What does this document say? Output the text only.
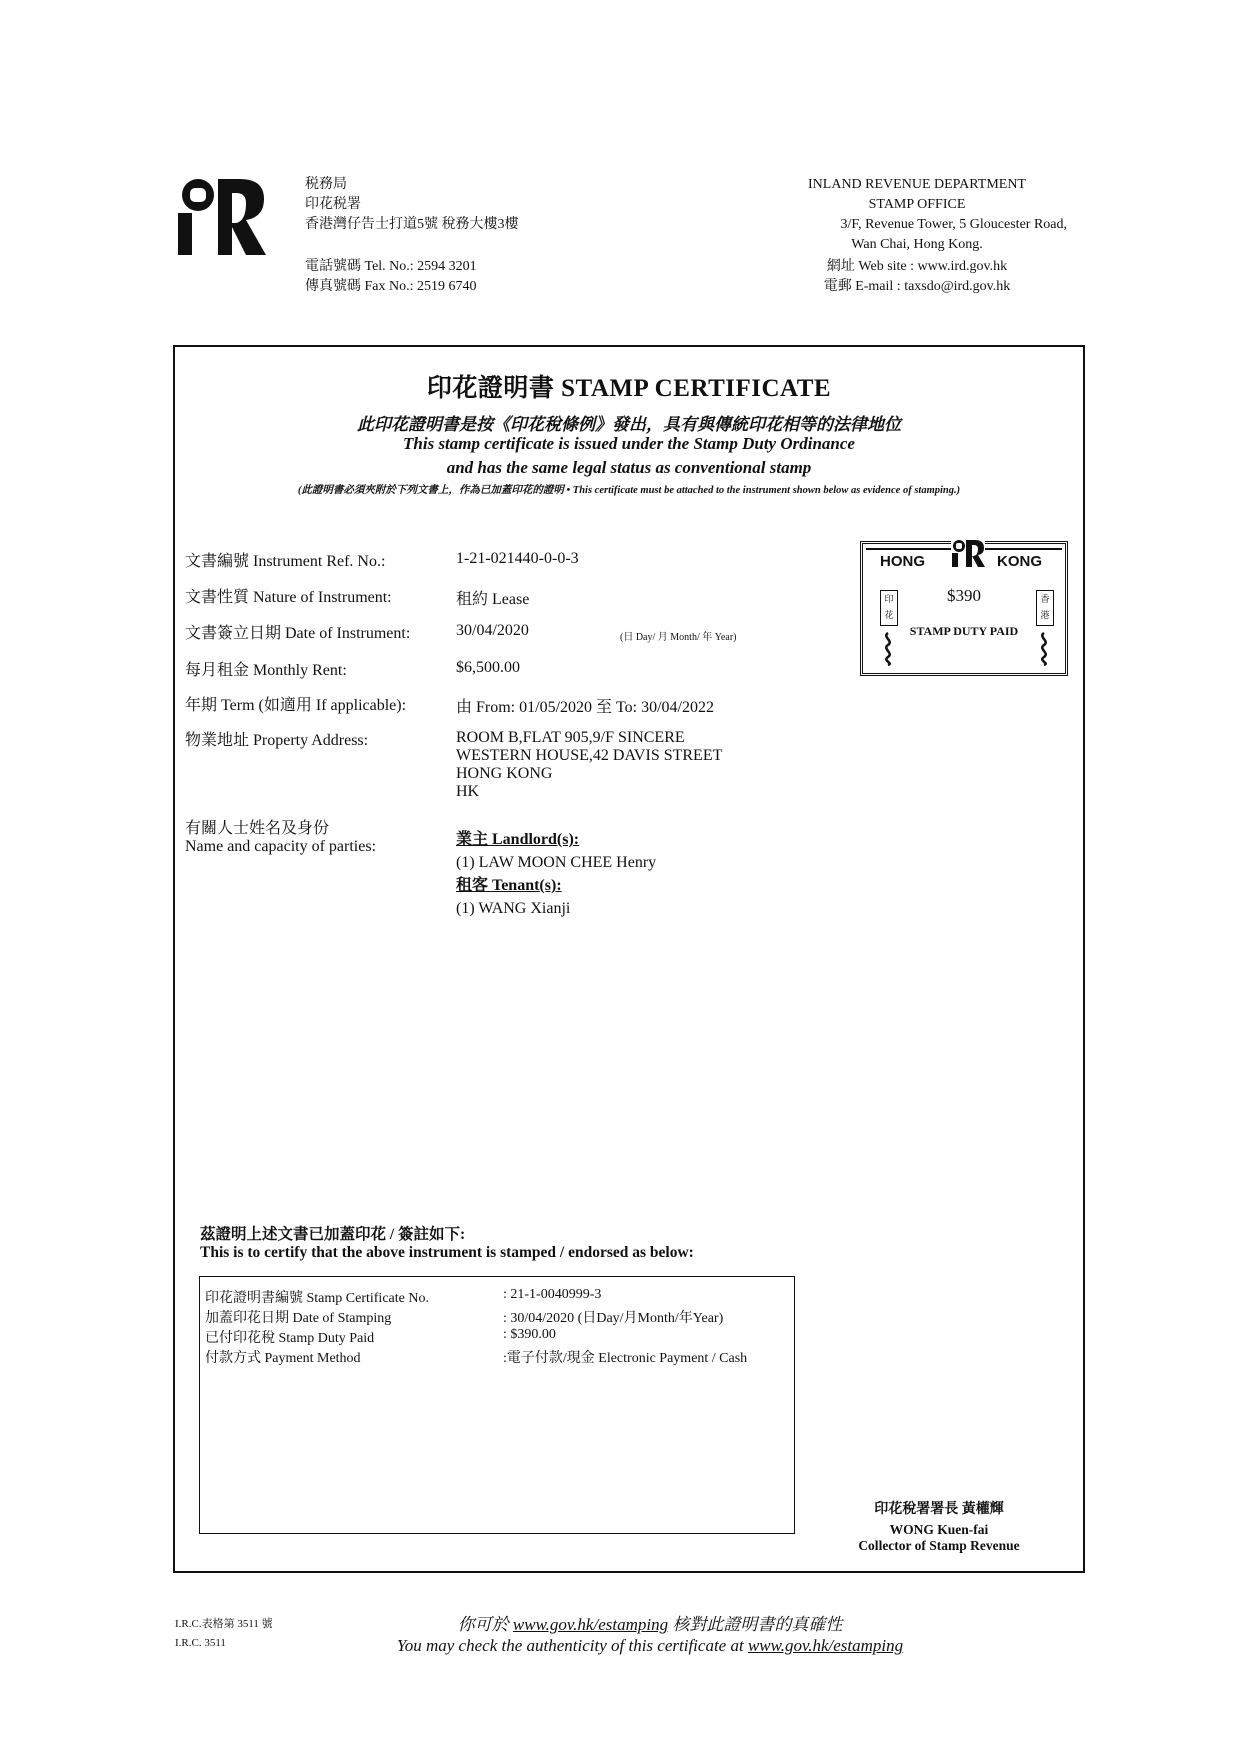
税務局
印花税署
香港灣仔告士打道5號 稅務大樓3樓
電話號碼 Tel. No.: 2594 3201
傳真號碼 Fax No.: 2519 6740
INLAND REVENUE DEPARTMENT
STAMP OFFICE
3/F, Revenue Tower, 5 Gloucester Road,
Wan Chai, Hong Kong.
網址 Web site : www.ird.gov.hk
電郵 E-mail : taxsdo@ird.gov.hk
印花證明書 STAMP CERTIFICATE
此印花證明書是按《印花稅條例》發出，具有與傳統印花相等的法律地位
This stamp certificate is issued under the Stamp Duty Ordinance
and has the same legal status as conventional stamp
(此證明書必須夾附於下列文書上，作為已加蓋印花的證明 • This certificate must be attached to the instrument shown below as evidence of stamping.)
文書編號 Instrument Ref. No.:	1-21-021440-0-0-3
文書性質 Nature of Instrument:	租約 Lease
文書簽立日期 Date of Instrument:	30/04/2020	(日 Day/ 月 Month/ 年 Year)
每月租金 Monthly Rent:	$6,500.00
年期 Term (如適用 If applicable):	由 From: 01/05/2020 至 To: 30/04/2022
物業地址 Property Address:	ROOM B,FLAT 905,9/F SINCERE
WESTERN HOUSE,42 DAVIS STREET
HONG KONG
HK
有關人士姓名及身份
Name and capacity of parties:	業主 Landlord(s):
(1) LAW MOON CHEE Henry
租客 Tenant(s):
(1) WANG Xianji
HONG	KONG
印花
香港
$390
STAMP DUTY PAID
茲證明上述文書已加蓋印花 / 簽註如下:
This is to certify that the above instrument is stamped / endorsed as below:
印花證明書編號 Stamp Certificate No.	: 21-1-0040999-3
加蓋印花日期 Date of Stamping	: 30/04/2020 (日Day/月Month/年Year)
已付印花稅 Stamp Duty Paid	: $390.00
付款方式 Payment Method	:電子付款/現金 Electronic Payment / Cash
印花稅署署長 黃權輝
WONG Kuen-fai
Collector of Stamp Revenue
I.R.C.表格第 3511 號
I.R.C. 3511
你可於 www.gov.hk/estamping 核對此證明書的真確性
You may check the authenticity of this certificate at www.gov.hk/estamping
